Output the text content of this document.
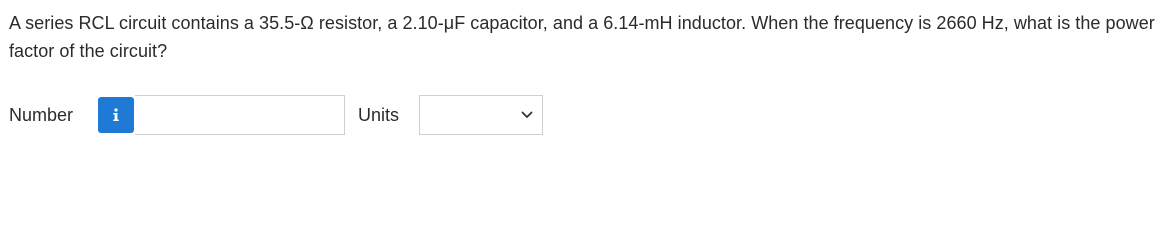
A series RCL circuit contains a 35.5-Ω resistor, a 2.10-μF capacitor, and a 6.14-mH inductor. When the frequency is 2660 Hz, what is the power factor of the circuit?

Number	Units
